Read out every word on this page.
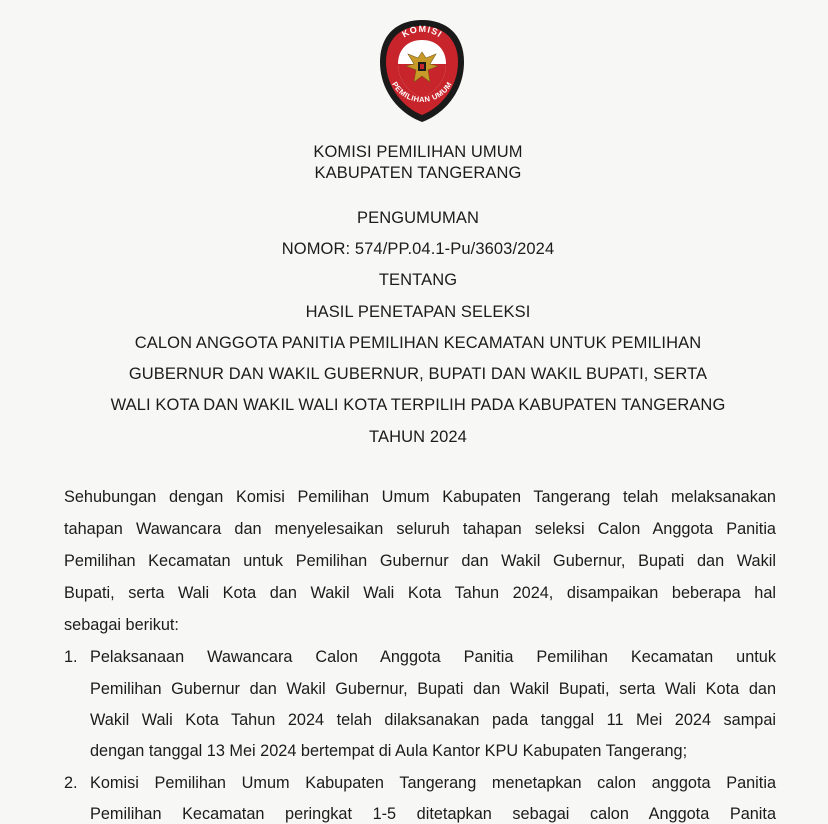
KOMISI
PEMILIHAN UMUM
KOMISI PEMILIHAN UMUM
KABUPATEN TANGERANG
PENGUMUMAN
NOMOR: 574/PP.04.1-Pu/3603/2024
TENTANG
HASIL PENETAPAN SELEKSI
CALON ANGGOTA PANITIA PEMILIHAN KECAMATAN UNTUK PEMILIHAN
GUBERNUR DAN WAKIL GUBERNUR, BUPATI DAN WAKIL BUPATI, SERTA
WALI KOTA DAN WAKIL WALI KOTA TERPILIH PADA KABUPATEN TANGERANG
TAHUN 2024
Sehubungan dengan Komisi Pemilihan Umum Kabupaten Tangerang telah melaksanakan
tahapan Wawancara dan menyelesaikan seluruh tahapan seleksi Calon Anggota Panitia
Pemilihan Kecamatan untuk Pemilihan Gubernur dan Wakil Gubernur, Bupati dan Wakil
Bupati, serta Wali Kota dan Wakil Wali Kota Tahun 2024, disampaikan beberapa hal
sebagai berikut:
1. Pelaksanaan Wawancara Calon Anggota Panitia Pemilihan Kecamatan untuk
Pemilihan Gubernur dan Wakil Gubernur, Bupati dan Wakil Bupati, serta Wali Kota dan
Wakil Wali Kota Tahun 2024 telah dilaksanakan pada tanggal 11 Mei 2024 sampai
dengan tanggal 13 Mei 2024 bertempat di Aula Kantor KPU Kabupaten Tangerang;
2. Komisi Pemilihan Umum Kabupaten Tangerang menetapkan calon anggota Panitia
Pemilihan Kecamatan peringkat 1-5 ditetapkan sebagai calon Anggota Panita
